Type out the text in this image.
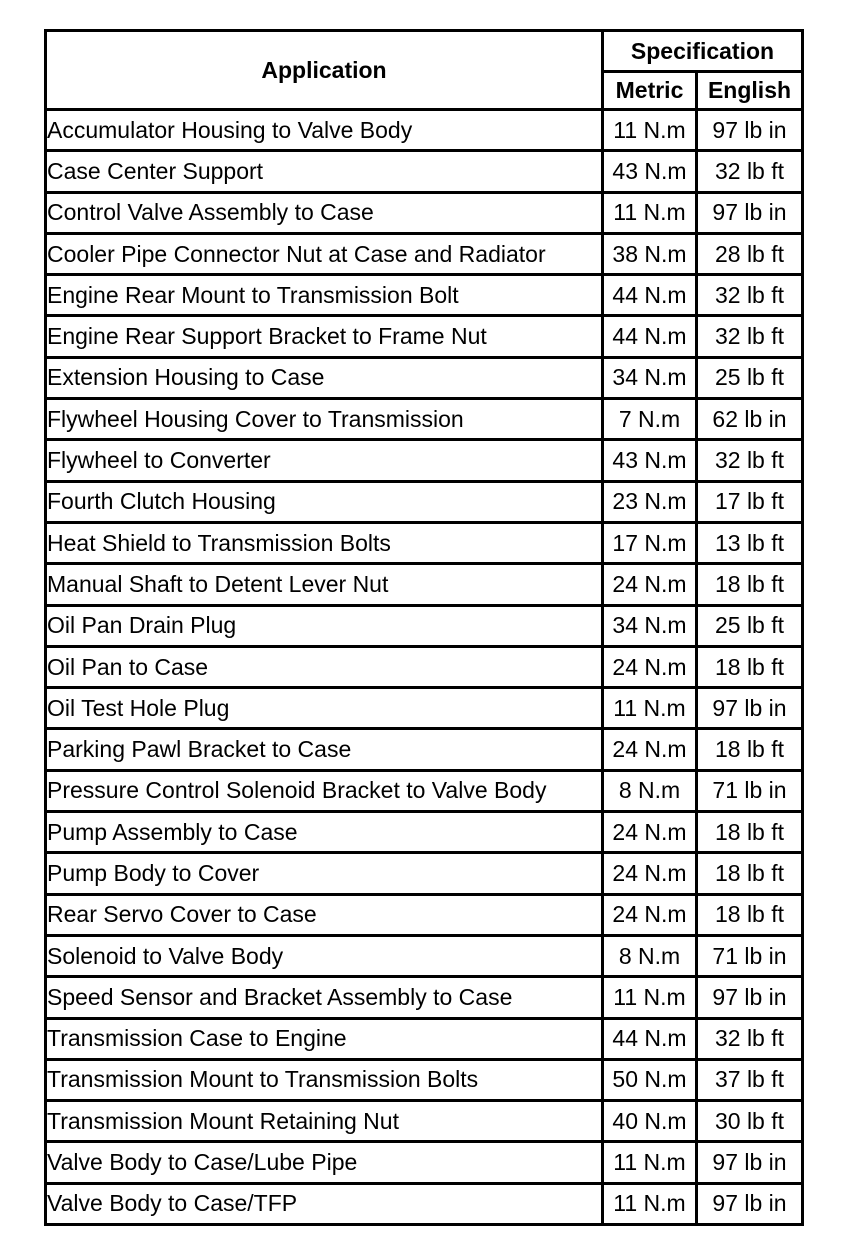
Application	Specification	
	Metric	English
Accumulator Housing to Valve Body	11 N.m	97 lb in
Case Center Support	43 N.m	32 lb ft
Control Valve Assembly to Case	11 N.m	97 lb in
Cooler Pipe Connector Nut at Case and Radiator	38 N.m	28 lb ft
Engine Rear Mount to Transmission Bolt	44 N.m	32 lb ft
Engine Rear Support Bracket to Frame Nut	44 N.m	32 lb ft
Extension Housing to Case	34 N.m	25 lb ft
Flywheel Housing Cover to Transmission	7 N.m	62 lb in
Flywheel to Converter	43 N.m	32 lb ft
Fourth Clutch Housing	23 N.m	17 lb ft
Heat Shield to Transmission Bolts	17 N.m	13 lb ft
Manual Shaft to Detent Lever Nut	24 N.m	18 lb ft
Oil Pan Drain Plug	34 N.m	25 lb ft
Oil Pan to Case	24 N.m	18 lb ft
Oil Test Hole Plug	11 N.m	97 lb in
Parking Pawl Bracket to Case	24 N.m	18 lb ft
Pressure Control Solenoid Bracket to Valve Body	8 N.m	71 lb in
Pump Assembly to Case	24 N.m	18 lb ft
Pump Body to Cover	24 N.m	18 lb ft
Rear Servo Cover to Case	24 N.m	18 lb ft
Solenoid to Valve Body	8 N.m	71 lb in
Speed Sensor and Bracket Assembly to Case	11 N.m	97 lb in
Transmission Case to Engine	44 N.m	32 lb ft
Transmission Mount to Transmission Bolts	50 N.m	37 lb ft
Transmission Mount Retaining Nut	40 N.m	30 lb ft
Valve Body to Case/Lube Pipe	11 N.m	97 lb in
Valve Body to Case/TFP	11 N.m	97 lb in
